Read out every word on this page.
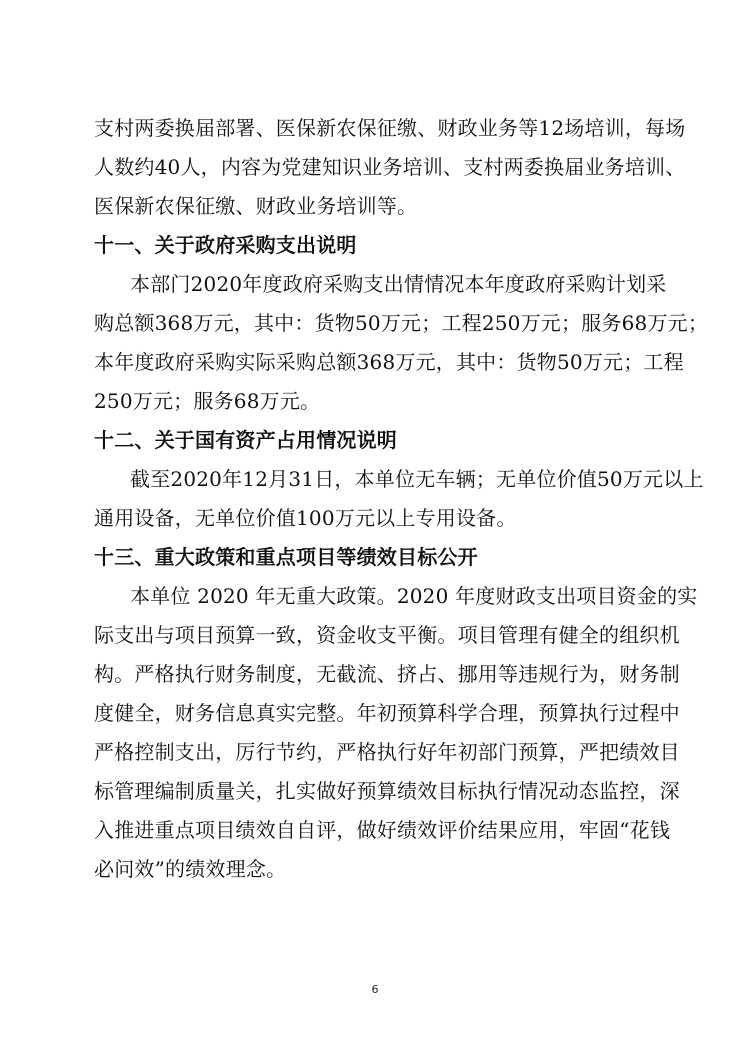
支村两委换届部署、医保新农保征缴、财政业务等12场培训，每场
人数约40人，内容为党建知识业务培训、支村两委换届业务培训、
医保新农保征缴、财政业务培训等。
十一、关于政府采购支出说明
本部门2020年度政府采购支出情情况本年度政府采购计划采
购总额368万元，其中：货物50万元；工程250万元；服务68万元；
本年度政府采购实际采购总额368万元，其中：货物50万元；工程
250万元；服务68万元。
十二、关于国有资产占用情况说明
截至2020年12月31日，本单位无车辆；无单位价值50万元以上
通用设备，无单位价值100万元以上专用设备。
十三、重大政策和重点项目等绩效目标公开
本单位 2020 年无重大政策。2020 年度财政支出项目资金的实
际支出与项目预算一致，资金收支平衡。项目管理有健全的组织机
构。严格执行财务制度，无截流、挤占、挪用等违规行为，财务制
度健全，财务信息真实完整。年初预算科学合理，预算执行过程中
严格控制支出，厉行节约，严格执行好年初部门预算，严把绩效目
标管理编制质量关，扎实做好预算绩效目标执行情况动态监控，深
入推进重点项目绩效自自评，做好绩效评价结果应用，牢固“花钱
必问效”的绩效理念。
6
